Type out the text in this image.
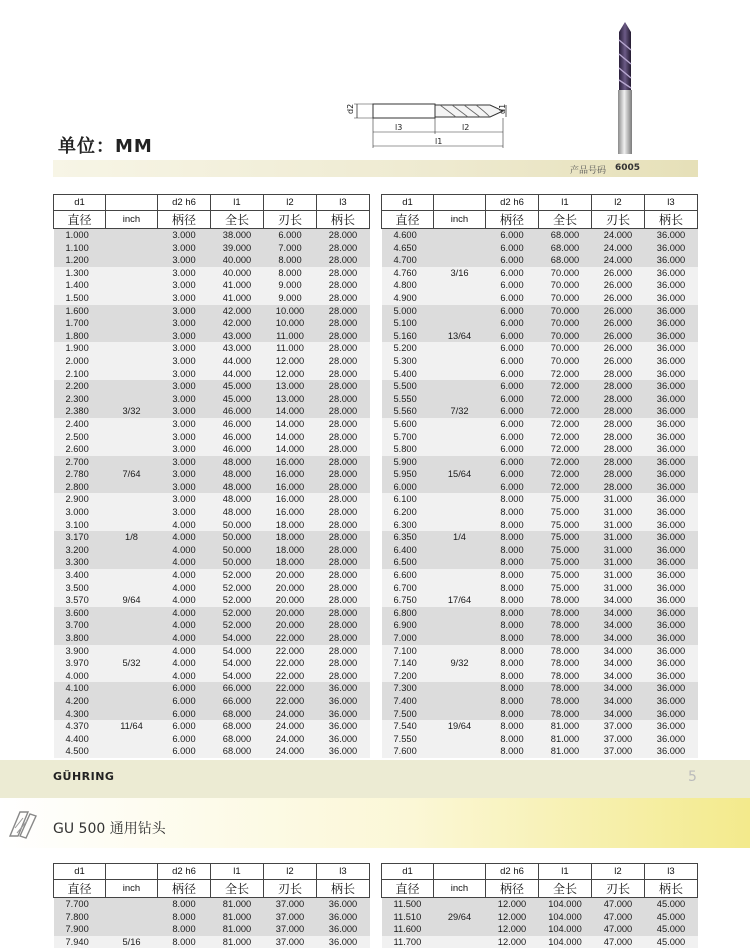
d2	d1
l3	l2
l1
单位：MM
产品号码 6005
d1		d2 h6	l1	l2	l3
直径	inch	柄径	全长	刃长	柄长
1.000		3.000	38.000	6.000	28.000
1.100		3.000	39.000	7.000	28.000
1.200		3.000	40.000	8.000	28.000
1.300		3.000	40.000	8.000	28.000
1.400		3.000	41.000	9.000	28.000
1.500		3.000	41.000	9.000	28.000
1.600		3.000	42.000	10.000	28.000
1.700		3.000	42.000	10.000	28.000
1.800		3.000	43.000	11.000	28.000
1.900		3.000	43.000	11.000	28.000
2.000		3.000	44.000	12.000	28.000
2.100		3.000	44.000	12.000	28.000
2.200		3.000	45.000	13.000	28.000
2.300		3.000	45.000	13.000	28.000
2.380	3/32	3.000	46.000	14.000	28.000
2.400		3.000	46.000	14.000	28.000
2.500		3.000	46.000	14.000	28.000
2.600		3.000	46.000	14.000	28.000
2.700		3.000	48.000	16.000	28.000
2.780	7/64	3.000	48.000	16.000	28.000
2.800		3.000	48.000	16.000	28.000
2.900		3.000	48.000	16.000	28.000
3.000		3.000	48.000	16.000	28.000
3.100		4.000	50.000	18.000	28.000
3.170	1/8	4.000	50.000	18.000	28.000
3.200		4.000	50.000	18.000	28.000
3.300		4.000	50.000	18.000	28.000
3.400		4.000	52.000	20.000	28.000
3.500		4.000	52.000	20.000	28.000
3.570	9/64	4.000	52.000	20.000	28.000
3.600		4.000	52.000	20.000	28.000
3.700		4.000	52.000	20.000	28.000
3.800		4.000	54.000	22.000	28.000
3.900		4.000	54.000	22.000	28.000
3.970	5/32	4.000	54.000	22.000	28.000
4.000		4.000	54.000	22.000	28.000
4.100		6.000	66.000	22.000	36.000
4.200		6.000	66.000	22.000	36.000
4.300		6.000	68.000	24.000	36.000
4.370	11/64	6.000	68.000	24.000	36.000
4.400		6.000	68.000	24.000	36.000
4.500		6.000	68.000	24.000	36.000
d1		d2 h6	l1	l2	l3
直径	inch	柄径	全长	刃长	柄长
4.600		6.000	68.000	24.000	36.000
4.650		6.000	68.000	24.000	36.000
4.700		6.000	68.000	24.000	36.000
4.760	3/16	6.000	70.000	26.000	36.000
4.800		6.000	70.000	26.000	36.000
4.900		6.000	70.000	26.000	36.000
5.000		6.000	70.000	26.000	36.000
5.100		6.000	70.000	26.000	36.000
5.160	13/64	6.000	70.000	26.000	36.000
5.200		6.000	70.000	26.000	36.000
5.300		6.000	70.000	26.000	36.000
5.400		6.000	72.000	28.000	36.000
5.500		6.000	72.000	28.000	36.000
5.550		6.000	72.000	28.000	36.000
5.560	7/32	6.000	72.000	28.000	36.000
5.600		6.000	72.000	28.000	36.000
5.700		6.000	72.000	28.000	36.000
5.800		6.000	72.000	28.000	36.000
5.900		6.000	72.000	28.000	36.000
5.950	15/64	6.000	72.000	28.000	36.000
6.000		6.000	72.000	28.000	36.000
6.100		8.000	75.000	31.000	36.000
6.200		8.000	75.000	31.000	36.000
6.300		8.000	75.000	31.000	36.000
6.350	1/4	8.000	75.000	31.000	36.000
6.400		8.000	75.000	31.000	36.000
6.500		8.000	75.000	31.000	36.000
6.600		8.000	75.000	31.000	36.000
6.700		8.000	75.000	31.000	36.000
6.750	17/64	8.000	78.000	34.000	36.000
6.800		8.000	78.000	34.000	36.000
6.900		8.000	78.000	34.000	36.000
7.000		8.000	78.000	34.000	36.000
7.100		8.000	78.000	34.000	36.000
7.140	9/32	8.000	78.000	34.000	36.000
7.200		8.000	78.000	34.000	36.000
7.300		8.000	78.000	34.000	36.000
7.400		8.000	78.000	34.000	36.000
7.500		8.000	78.000	34.000	36.000
7.540	19/64	8.000	81.000	37.000	36.000
7.550		8.000	81.000	37.000	36.000
7.600		8.000	81.000	37.000	36.000
GÜHRING	5
GU 500 通用钻头
d1		d2 h6	l1	l2	l3
直径	inch	柄径	全长	刃长	柄长
7.700		8.000	81.000	37.000	36.000
7.800		8.000	81.000	37.000	36.000
7.900		8.000	81.000	37.000	36.000
7.940	5/16	8.000	81.000	37.000	36.000
d1		d2 h6	l1	l2	l3
直径	inch	柄径	全长	刃长	柄长
11.500		12.000	104.000	47.000	45.000
11.510	29/64	12.000	104.000	47.000	45.000
11.600		12.000	104.000	47.000	45.000
11.700		12.000	104.000	47.000	45.000
